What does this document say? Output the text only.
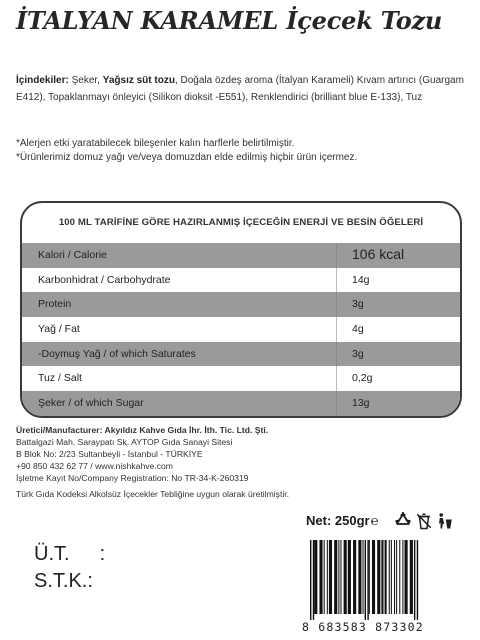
İTALYAN KARAMEL İçecek Tozu
İçindekiler: Şeker, Yağsız süt tozu, Doğala özdeş aroma (İtalyan Karameli) Kıvam artırıcı (Guargam E412), Topaklanmayı önleyici (Silikon dioksit -E551), Renklendirici (brilliant blue E-133), Tuz
*Alerjen etki yaratabilecek bileşenler kalın harflerle belirtilmiştir.
*Ürünlerimiz domuz yağı ve/veya domuzdan elde edilmiş hiçbir ürün içermez.
100 ML TARİFİNE GÖRE HAZIRLANMIŞ İÇECEĞİN ENERJİ VE BESİN ÖĞELERİ
Kalori / Calorie	106 kcal
Karbonhidrat / Carbohydrate	14g
Protein	3g
Yağ / Fat	4g
-Doymuş Yağ / of which Saturates	3g
Tuz / Salt	0,2g
Şeker / of which Sugar	13g
Üretici/Manufacturer: Akyıldız Kahve Gıda İhr. İth. Tic. Ltd. Şti.
Battalgazi Mah. Saraypatı Sk. AYTOP Gıda Sanayi Sitesi
B Blok No: 2/23 Sultanbeyli - İstanbul - TÜRKİYE
+90 850 432 62 77 / www.nishkahve.com
İşletme Kayıt No/Company Registration: No TR-34-K-260319
Türk Gıda Kodeksi Alkolsüz İçecekler Tebliğine uygun olarak üretilmiştir.
Net: 250gr℮
Ü.T. :
S.T.K.:
8 683583 873302
